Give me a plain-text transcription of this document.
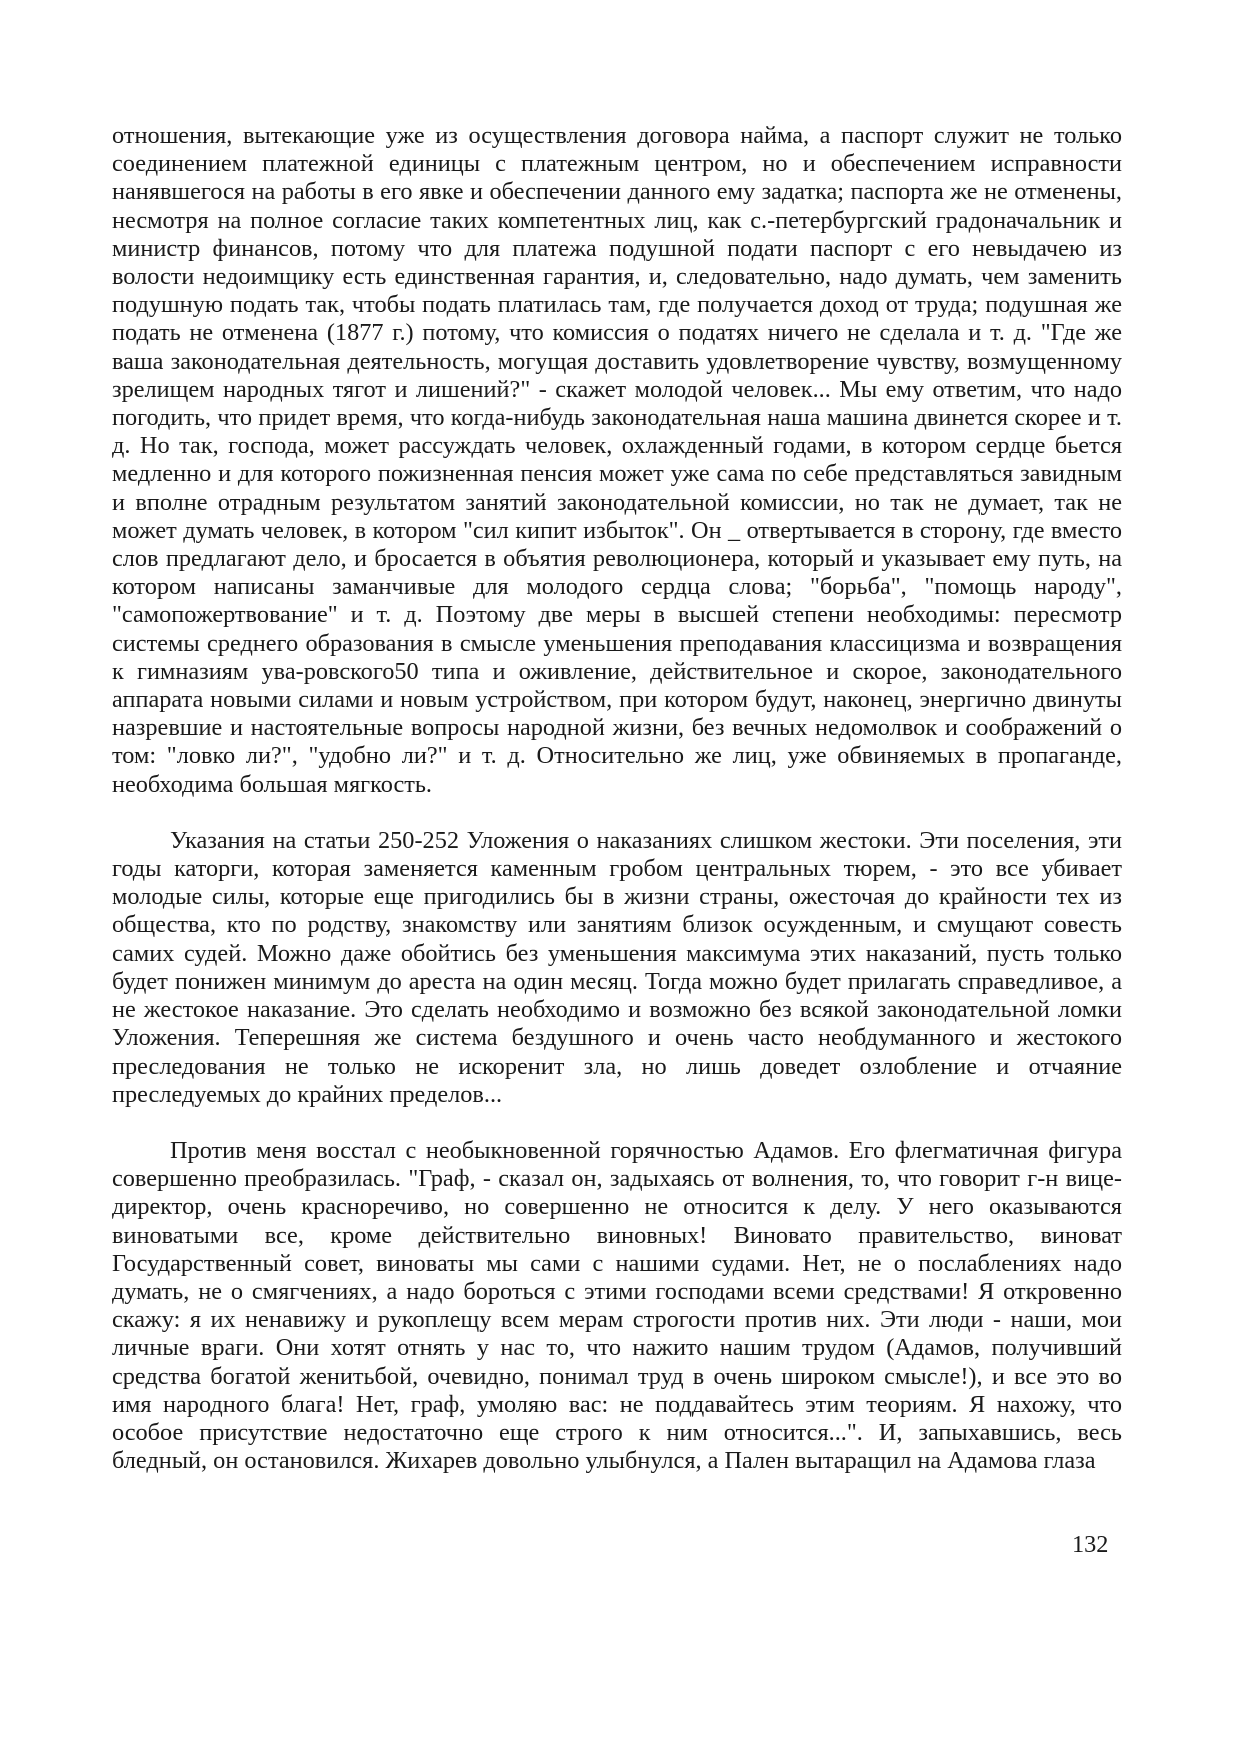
отношения, вытекающие уже из осуществления договора найма, а паспорт служит не только соединением платежной единицы с платежным центром, но и обеспечением исправности нанявшегося на работы в его явке и обеспечении данного ему задатка; паспорта же не отменены, несмотря на полное согласие таких компетентных лиц, как с.-петербургский градоначальник и министр финансов, потому что для платежа подушной подати паспорт с его невыдачею из волости недоимщику есть единственная гарантия, и, следовательно, надо думать, чем заменить подушную подать так, чтобы подать платилась там, где получается доход от труда; подушная же подать не отменена (1877 г.) потому, что комиссия о податях ничего не сделала и т. д. "Где же ваша законодательная деятельность, могущая доставить удовлетворение чувству, возмущенному зрелищем народных тягот и лишений?" - скажет молодой человек... Мы ему ответим, что надо погодить, что придет время, что когда-нибудь законодательная наша машина двинется скорее и т. д. Но так, господа, может рассуждать человек, охлажденный годами, в котором сердце бьется медленно и для которого пожизненная пенсия может уже сама по себе представляться завидным и вполне отрадным результатом занятий законодательной комиссии, но так не думает, так не может думать человек, в котором "сил кипит избыток". Он _ отвертывается в сторону, где вместо слов предлагают дело, и бросается в объятия революционера, который и указывает ему путь, на котором написаны заманчивые для молодого сердца слова; "борьба", "помощь народу", "самопожертвование" и т. д. Поэтому две меры в высшей степени необходимы: пересмотр системы среднего образования в смысле уменьшения преподавания классицизма и возвращения к гимназиям ува-ровского50 типа и оживление, действительное и скорое, законодательного аппарата новыми силами и новым устройством, при котором будут, наконец, энергично двинуты назревшие и настоятельные вопросы народной жизни, без вечных недомолвок и соображений о том: "ловко ли?", "удобно ли?" и т. д. Относительно же лиц, уже обвиняемых в пропаганде, необходима большая мягкость.

Указания на статьи 250-252 Уложения о наказаниях слишком жестоки. Эти поселения, эти годы каторги, которая заменяется каменным гробом центральных тюрем, - это все убивает молодые силы, которые еще пригодились бы в жизни страны, ожесточая до крайности тех из общества, кто по родству, знакомству или занятиям близок осужденным, и смущают совесть самих судей. Можно даже обойтись без уменьшения максимума этих наказаний, пусть только будет понижен минимум до ареста на один месяц. Тогда можно будет прилагать справедливое, а не жестокое наказание. Это сделать необходимо и возможно без всякой законодательной ломки Уложения. Теперешняя же система бездушного и очень часто необдуманного и жестокого преследования не только не искоренит зла, но лишь доведет озлобление и отчаяние преследуемых до крайних пределов...

Против меня восстал с необыкновенной горячностью Адамов. Его флегматичная фигура совершенно преобразилась. "Граф, - сказал он, задыхаясь от волнения, то, что говорит г-н вице-директор, очень красноречиво, но совершенно не относится к делу. У него оказываются виноватыми все, кроме действительно виновных! Виновато правительство, виноват Государственный совет, виноваты мы сами с нашими судами. Нет, не о послаблениях надо думать, не о смягчениях, а надо бороться с этими господами всеми средствами! Я откровенно скажу: я их ненавижу и рукоплещу всем мерам строгости против них. Эти люди - наши, мои личные враги. Они хотят отнять у нас то, что нажито нашим трудом (Адамов, получивший средства богатой женитьбой, очевидно, понимал труд в очень широком смысле!), и все это во имя народного блага! Нет, граф, умоляю вас: не поддавайтесь этим теориям. Я нахожу, что особое присутствие недостаточно еще строго к ним относится...". И, запыхавшись, весь бледный, он остановился. Жихарев довольно улыбнулся, а Пален вытаращил на Адамова глаза

132
